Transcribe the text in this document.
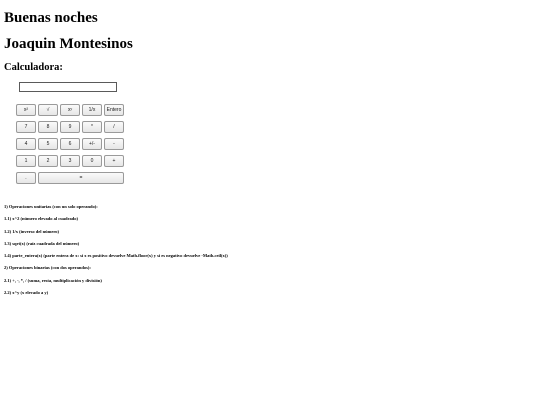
Buenas noches
Joaquin Montesinos
Calculadora:
x²	√	xʸ	1/x	Entero
7	8	9	*	/
4	5	6	+/-	-
1	2	3	0	+
.	=

1) Operaciones unitarias (con un solo operando):

1.1) x^2 (número elevado al cuadrado)

1.2) 1/x (inverso del número)

1.3) sqrt(x) (raíz cuadrada del número)

1.4) parte_entera(x) (parte entera de x: si x es positivo devuelve Math.floor(x) y si es negativo devuelve -Math.ceil(x))

2) Operaciones binarias (con dos operandos):

2.1) +, -, *, / (suma, resta, multiplicación y división)

2.2) x^y (x elevado a y)
